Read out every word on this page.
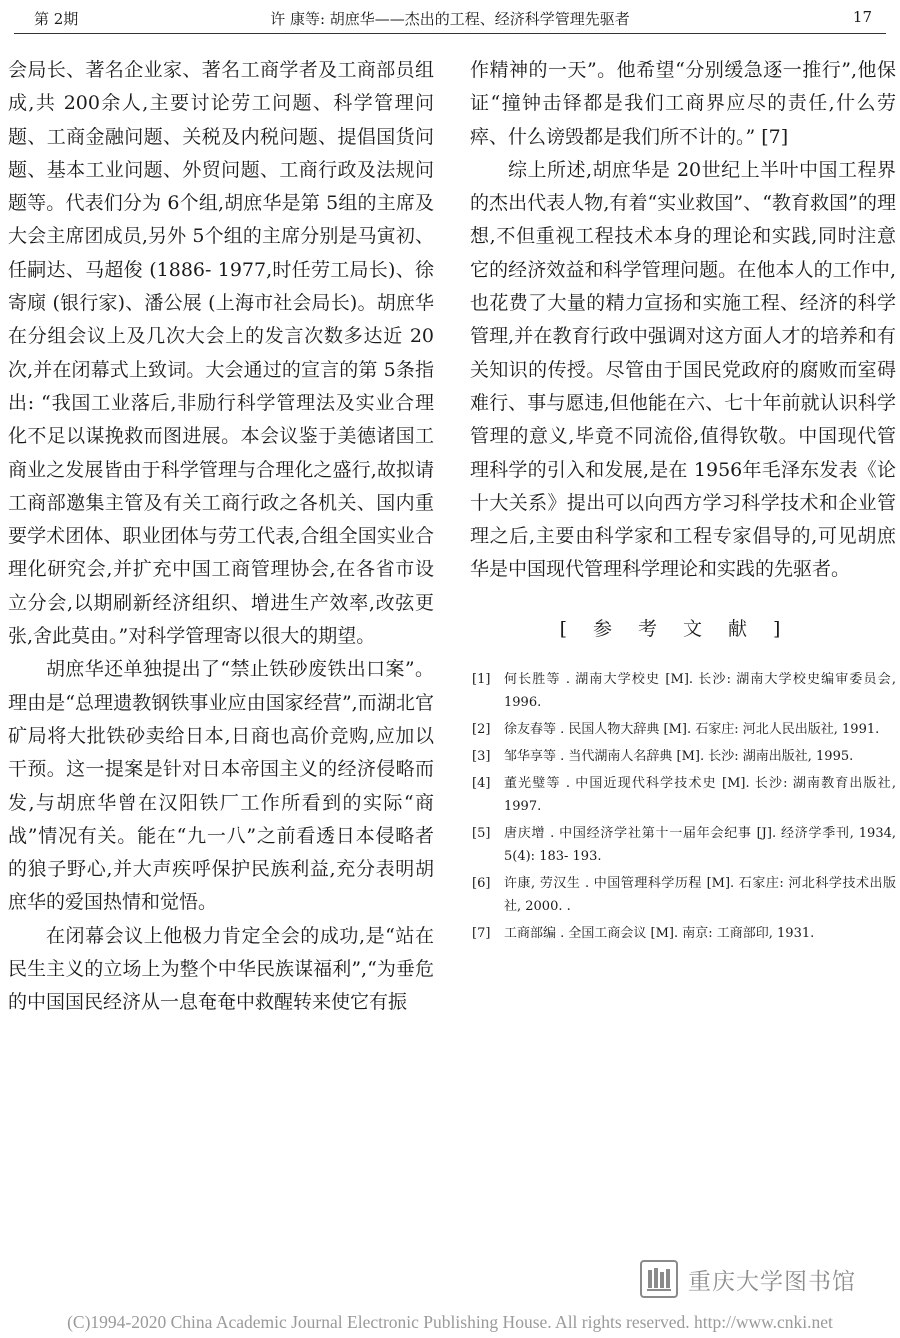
第 2期	许 康等: 胡庶华——杰出的工程、经济科学管理先驱者	17

会局长、著名企业家、著名工商学者及工商部员组成,共 200余人,主要讨论劳工问题、科学管理问题、工商金融问题、关税及内税问题、提倡国货问题、基本工业问题、外贸问题、工商行政及法规问题等。代表们分为 6个组,胡庶华是第 5组的主席及大会主席团成员,另外 5个组的主席分别是马寅初、任嗣达、马超俊 (1886- 1977,时任劳工局长)、徐寄庼 (银行家)、潘公展 (上海市社会局长)。胡庶华在分组会议上及几次大会上的发言次数多达近 20次,并在闭幕式上致词。大会通过的宣言的第 5条指出: “我国工业落后,非励行科学管理法及实业合理化不足以谋挽救而图进展。本会议鉴于美德诸国工商业之发展皆由于科学管理与合理化之盛行,故拟请工商部邀集主管及有关工商行政之各机关、国内重要学术团体、职业团体与劳工代表,合组全国实业合理化研究会,并扩充中国工商管理协会,在各省市设立分会,以期刷新经济组织、增进生产效率,改弦更张,舍此莫由。”对科学管理寄以很大的期望。

胡庶华还单独提出了“禁止铁砂废铁出口案”。理由是“总理遗教钢铁事业应由国家经营”,而湖北官矿局将大批铁砂卖给日本,日商也高价竞购,应加以干预。这一提案是针对日本帝国主义的经济侵略而发,与胡庶华曾在汉阳铁厂工作所看到的实际“商战”情况有关。能在“九一八”之前看透日本侵略者的狼子野心,并大声疾呼保护民族利益,充分表明胡庶华的爱国热情和觉悟。

在闭幕会议上他极力肯定全会的成功,是“站在民生主义的立场上为整个中华民族谋福利”,“为垂危的中国国民经济从一息奄奄中救醒转来使它有振

作精神的一天”。他希望“分别缓急逐一推行”,他保证“撞钟击铎都是我们工商界应尽的责任,什么劳瘁、什么谤毁都是我们所不计的。” [7]

综上所述,胡庶华是 20世纪上半叶中国工程界的杰出代表人物,有着“实业救国”、“教育救国”的理想,不但重视工程技术本身的理论和实践,同时注意它的经济效益和科学管理问题。在他本人的工作中,也花费了大量的精力宣扬和实施工程、经济的科学管理,并在教育行政中强调对这方面人才的培养和有关知识的传授。尽管由于国民党政府的腐败而室碍难行、事与愿违,但他能在六、七十年前就认识科学管理的意义,毕竟不同流俗,值得钦敬。中国现代管理科学的引入和发展,是在 1956年毛泽东发表《论十大关系》提出可以向西方学习科学技术和企业管理之后,主要由科学家和工程专家倡导的,可见胡庶华是中国现代管理科学理论和实践的先驱者。

[参考文献]
[1] 何长胜等 . 湖南大学校史 [M]. 长沙: 湖南大学校史编审委员会, 1996.
[2] 徐友春等 . 民国人物大辞典 [M]. 石家庄: 河北人民出版社, 1991.
[3] 邹华享等 . 当代湖南人名辞典 [M]. 长沙: 湖南出版社, 1995.
[4] 董光璧等 . 中国近现代科学技术史 [M]. 长沙: 湖南教育出版社, 1997.
[5] 唐庆增 . 中国经济学社第十一届年会纪事 [J]. 经济学季刊, 1934, 5(4): 183- 193.
[6] 许康, 劳汉生 . 中国管理科学历程 [M]. 石家庄: 河北科学技术出版社, 2000. .
[7] 工商部编 . 全国工商会议 [M]. 南京: 工商部印, 1931.
重庆大学图书馆
(C)1994-2020 China Academic Journal Electronic Publishing House. All rights reserved. http://www.cnki.net
